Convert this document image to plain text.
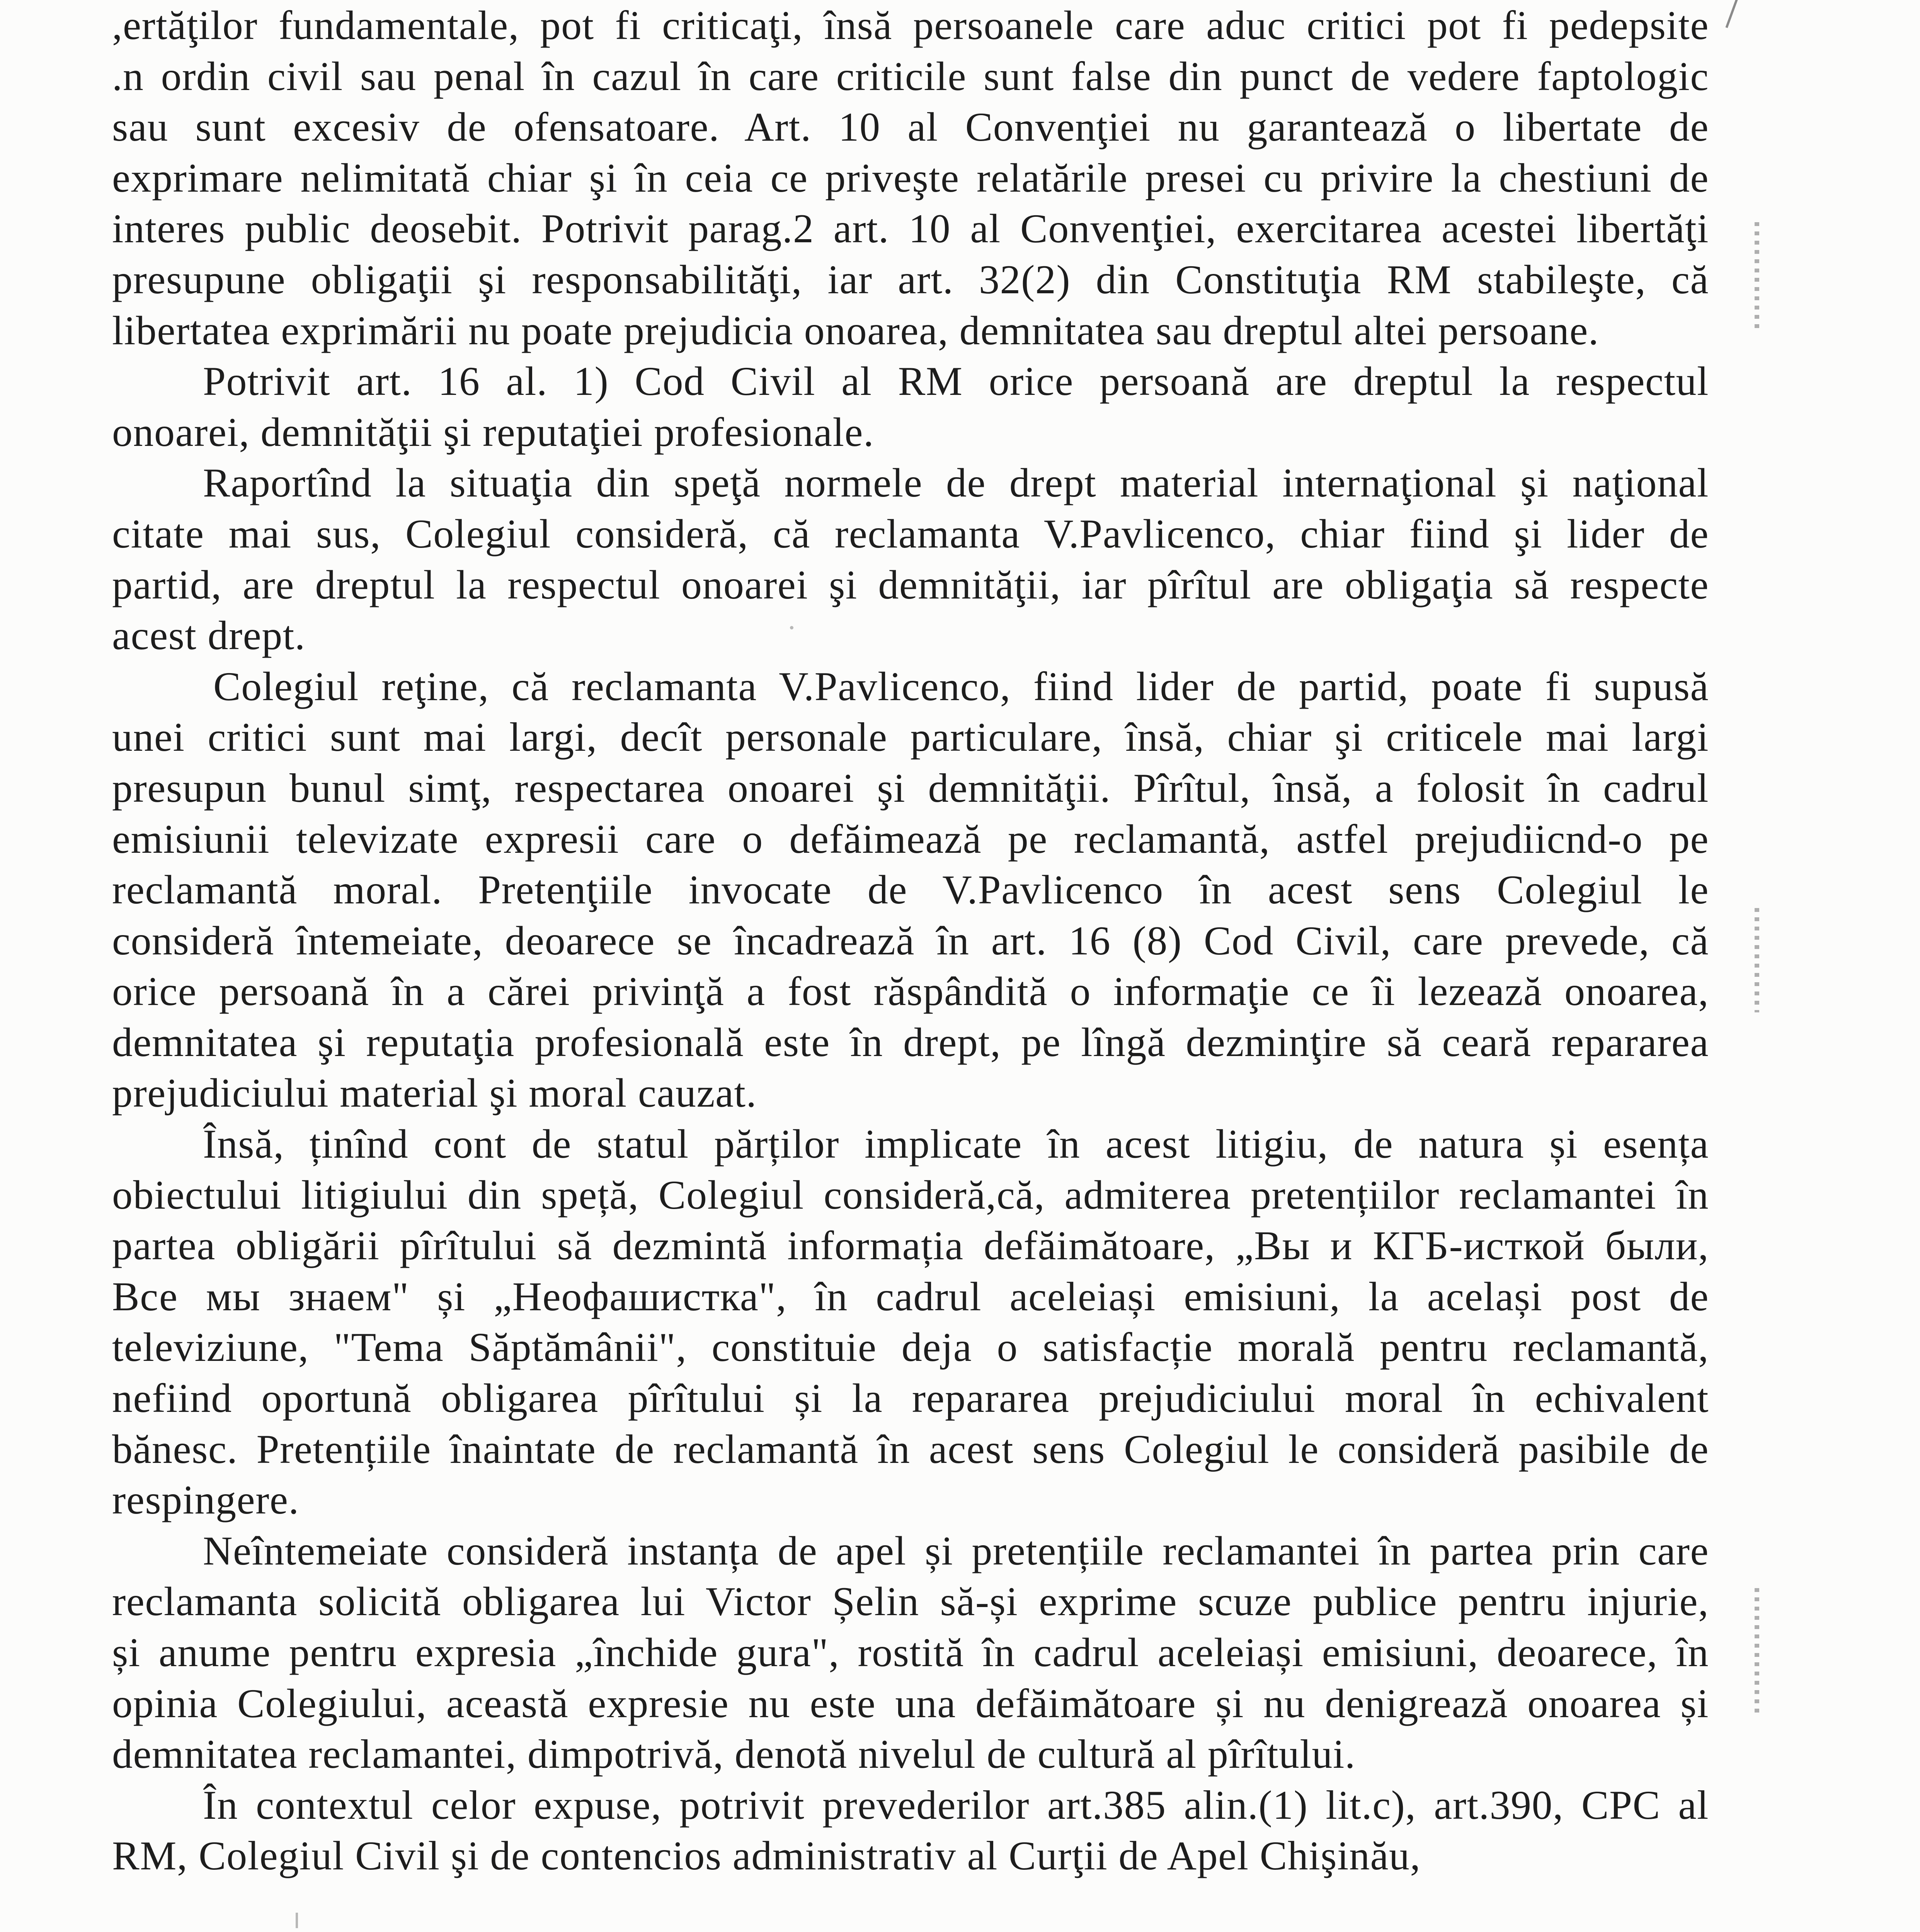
,ertăţilor fundamentale, pot fi criticaţi, însă persoanele care aduc critici pot fi pedepsite
.n ordin civil sau penal în cazul în care criticile sunt false din punct de vedere faptologic
sau sunt excesiv de ofensatoare. Art. 10 al Convenţiei nu garantează o libertate de
exprimare nelimitată chiar şi în ceia ce priveşte relatările presei cu privire la chestiuni de
interes public deosebit. Potrivit parag.2 art. 10 al Convenţiei, exercitarea acestei libertăţi
presupune obligaţii şi responsabilităţi, iar art. 32(2) din Constituţia RM stabileşte, că
libertatea exprimării nu poate prejudicia onoarea, demnitatea sau dreptul altei persoane.
Potrivit art. 16 al. 1) Cod Civil al RM orice persoană are dreptul la respectul
onoarei, demnităţii şi reputaţiei profesionale.
Raportînd la situaţia din speţă normele de drept material internaţional şi naţional
citate mai sus, Colegiul consideră, că reclamanta V.Pavlicenco, chiar fiind şi lider de
partid, are dreptul la respectul onoarei şi demnităţii, iar pîrîtul are obligaţia să respecte
acest drept.
Colegiul reţine, că reclamanta V.Pavlicenco, fiind lider de partid, poate fi supusă
unei critici sunt mai largi, decît personale particulare, însă, chiar şi criticele mai largi
presupun bunul simţ, respectarea onoarei şi demnităţii. Pîrîtul, însă, a folosit în cadrul
emisiunii televizate expresii care o defăimează pe reclamantă, astfel prejudiicnd-o pe
reclamantă moral. Pretenţiile invocate de V.Pavlicenco în acest sens Colegiul le
consideră întemeiate, deoarece se încadrează în art. 16 (8) Cod Civil, care prevede, că
orice persoană în a cărei privinţă a fost răspândită o informaţie ce îi lezează onoarea,
demnitatea şi reputaţia profesională este în drept, pe lîngă dezminţire să ceară repararea
prejudiciului material şi moral cauzat.
Însă, ținînd cont de statul părților implicate în acest litigiu, de natura și esența
obiectului litigiului din speță, Colegiul consideră,că, admiterea pretențiilor reclamantei în
partea obligării pîrîtului să dezmintă informația defăimătoare, „Вы и КГБ-исткой были,
Все мы знаем" și „Неофашистка", în cadrul aceleiași emisiuni, la același post de
televiziune, "Tema Săptămânii", constituie deja o satisfacție morală pentru reclamantă,
nefiind oportună obligarea pîrîtului și la repararea prejudiciului moral în echivalent
bănesc. Pretențiile înaintate de reclamantă în acest sens Colegiul le consideră pasibile de
respingere.
Neîntemeiate consideră instanța de apel și pretențiile reclamantei în partea prin care
reclamanta solicită obligarea lui Victor Șelin să-și exprime scuze publice pentru injurie,
și anume pentru expresia „închide gura", rostită în cadrul aceleiași emisiuni, deoarece, în
opinia Colegiului, această expresie nu este una defăimătoare și nu denigrează onoarea și
demnitatea reclamantei, dimpotrivă, denotă nivelul de cultură al pîrîtului.
În contextul celor expuse, potrivit prevederilor art.385 alin.(1) lit.c), art.390, CPC al
RM, Colegiul Civil şi de contencios administrativ al Curţii de Apel Chişinău,
